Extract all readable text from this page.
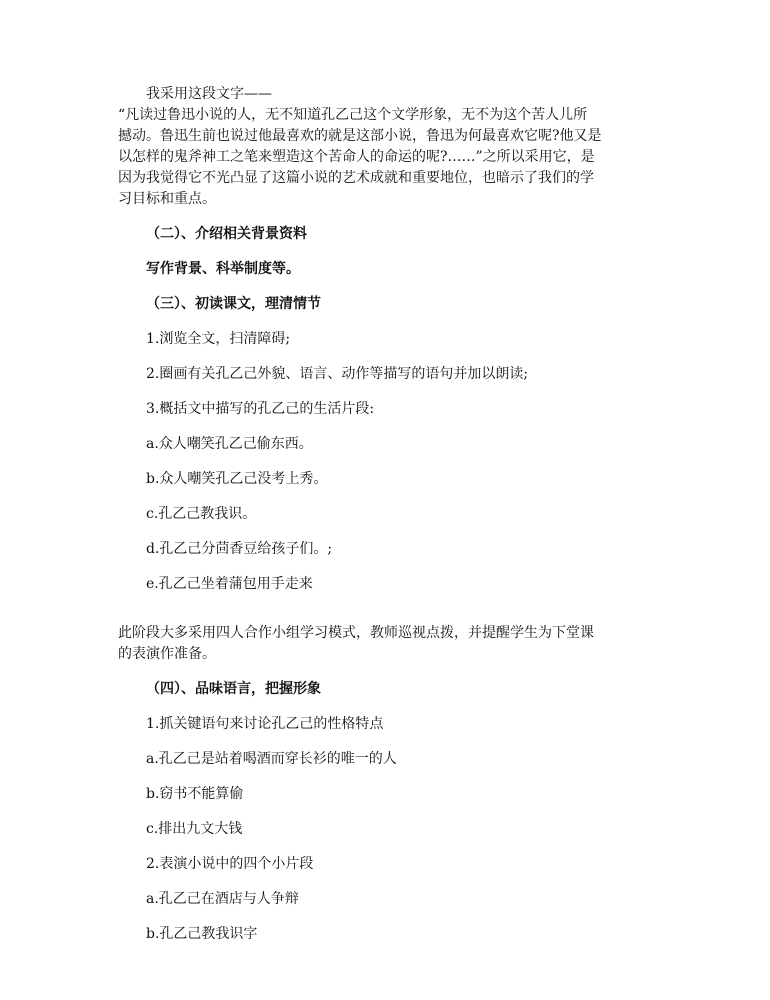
我采用这段文字——

“凡读过鲁迅小说的人，无不知道孔乙己这个文学形象，无不为这个苦人儿所

撼动。鲁迅生前也说过他最喜欢的就是这部小说，鲁迅为何最喜欢它呢?他又是

以怎样的鬼斧神工之笔来塑造这个苦命人的命运的呢?……”之所以采用它，是

因为我觉得它不光凸显了这篇小说的艺术成就和重要地位，也暗示了我们的学

习目标和重点。

（二）、介绍相关背景资料

写作背景、科举制度等。

（三）、初读课文，理清情节

1.浏览全文，扫清障碍;

2.圈画有关孔乙己外貌、语言、动作等描写的语句并加以朗读;

3.概括文中描写的孔乙己的生活片段:

a.众人嘲笑孔乙己偷东西。

b.众人嘲笑孔乙己没考上秀。

c.孔乙己教我识。

d.孔乙己分茴香豆给孩子们。;

e.孔乙己坐着蒲包用手走来

此阶段大多采用四人合作小组学习模式，教师巡视点拨，并提醒学生为下堂课

的表演作准备。

（四）、品味语言，把握形象

1.抓关键语句来讨论孔乙己的性格特点

a.孔乙己是站着喝酒而穿长衫的唯一的人

b.窃书不能算偷

c.排出九文大钱

2.表演小说中的四个小片段

a.孔乙己在酒店与人争辩

b.孔乙己教我识字
